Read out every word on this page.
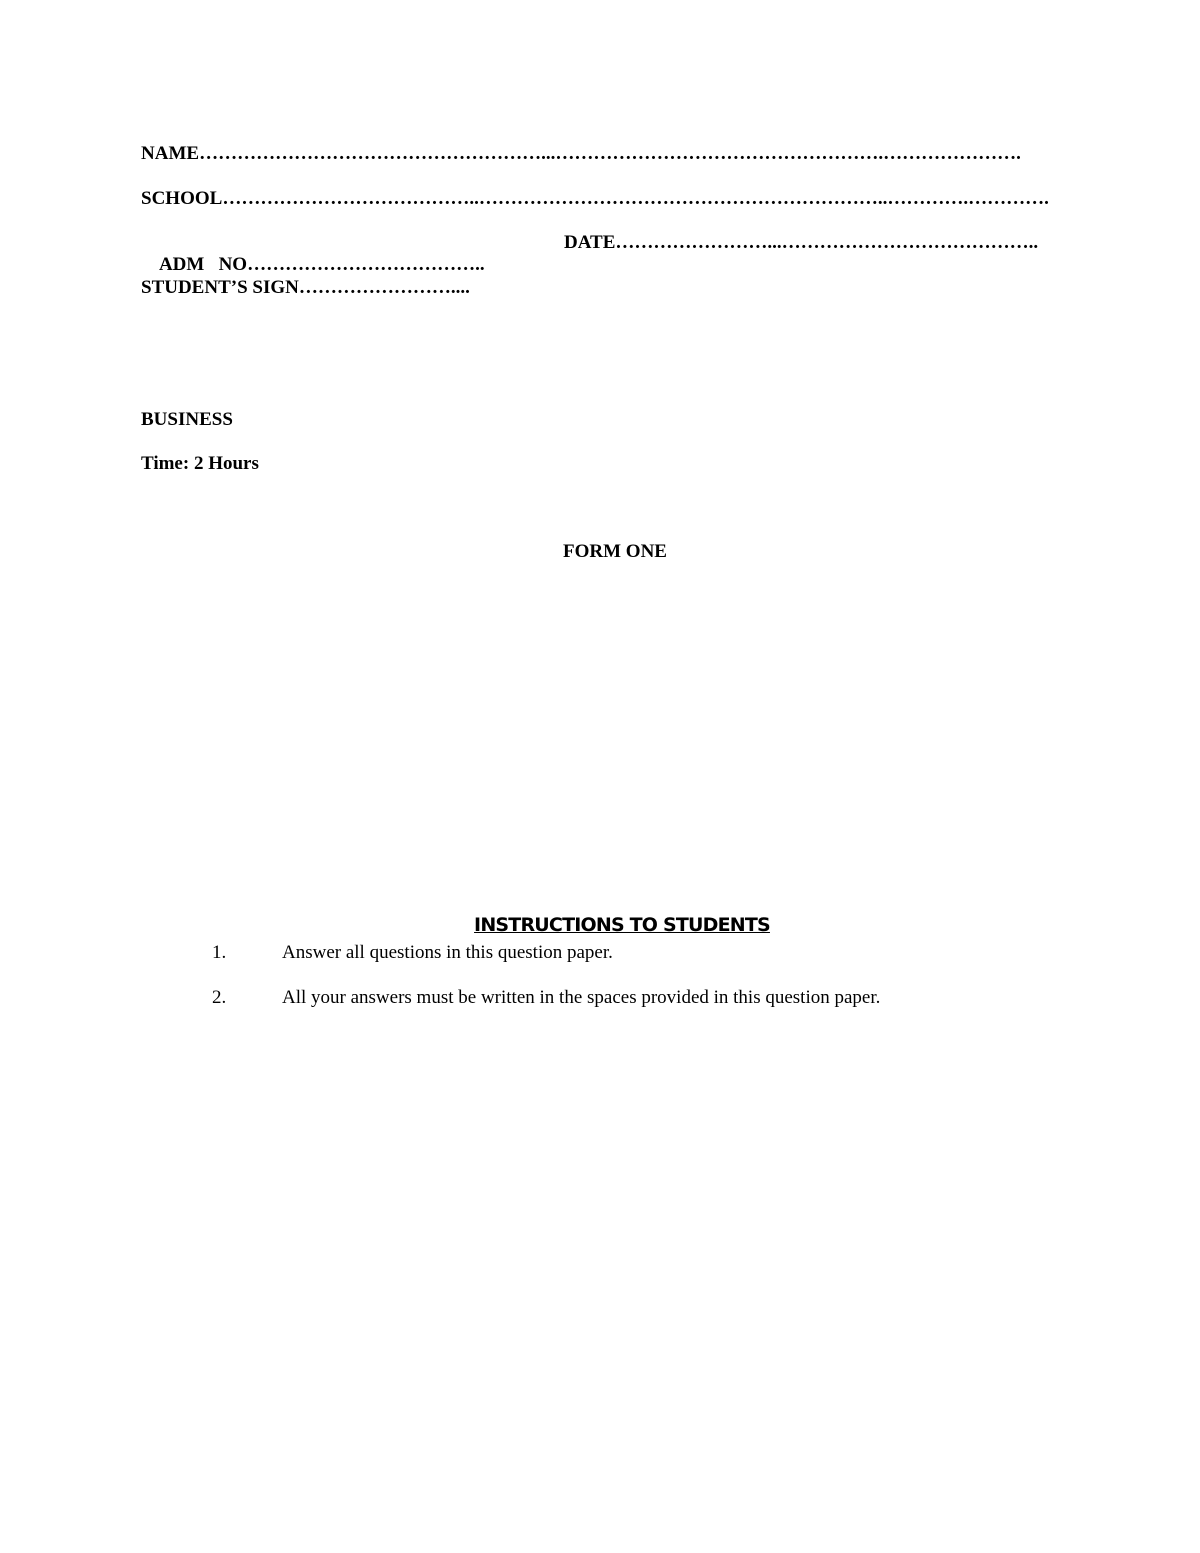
NAME………………………………………………...…………………………………………….………………….
SCHOOL…………………………………..………………………………………………………..………….………….

ADM   NO………………………………..

DATE……………………...…………………………………..
STUDENT’S SIGN……………………....
BUSINESS
Time: 2 Hours
FORM ONE
INSTRUCTIONS TO STUDENTS
1.	Answer all questions in this question paper.
2.	All your answers must be written in the spaces provided in this question paper.
